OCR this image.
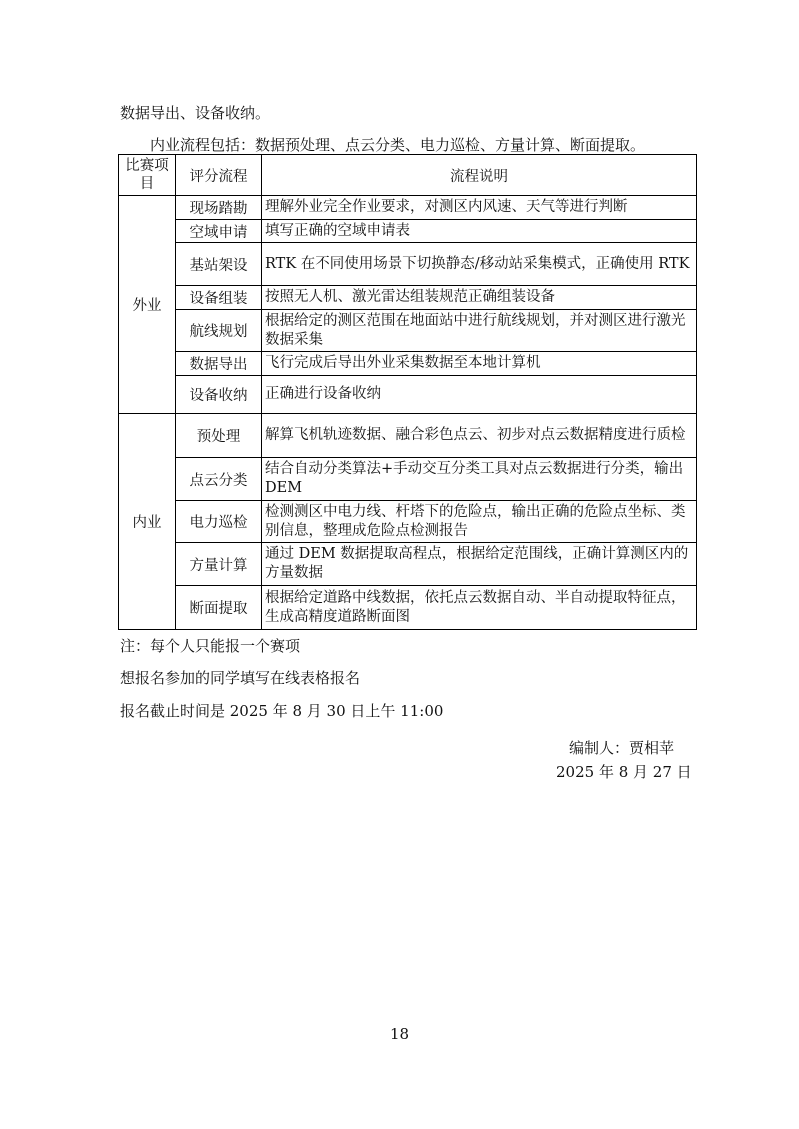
数据导出、设备收纳。
内业流程包括：数据预处理、点云分类、电力巡检、方量计算、断面提取。
比赛项目	评分流程	流程说明
外业	现场踏勘	理解外业完全作业要求，对测区内风速、天气等进行判断
	空域申请	填写正确的空域申请表
	基站架设	RTK 在不同使用场景下切换静态/移动站采集模式，正确使用 RTK
	设备组装	按照无人机、激光雷达组装规范正确组装设备
	航线规划	根据给定的测区范围在地面站中进行航线规划，并对测区进行激光数据采集
	数据导出	飞行完成后导出外业采集数据至本地计算机
	设备收纳	正确进行设备收纳
内业	预处理	解算飞机轨迹数据、融合彩色点云、初步对点云数据精度进行质检
	点云分类	结合自动分类算法+手动交互分类工具对点云数据进行分类，输出 DEM
	电力巡检	检测测区中电力线、杆塔下的危险点，输出正确的危险点坐标、类别信息，整理成危险点检测报告
	方量计算	通过 DEM 数据提取高程点，根据给定范围线，正确计算测区内的方量数据
	断面提取	根据给定道路中线数据，依托点云数据自动、半自动提取特征点，生成高精度道路断面图
注：每个人只能报一个赛项
想报名参加的同学填写在线表格报名
报名截止时间是 2025 年 8 月 30 日上午 11:00
编制人：贾相苹
2025 年 8 月 27 日
18
